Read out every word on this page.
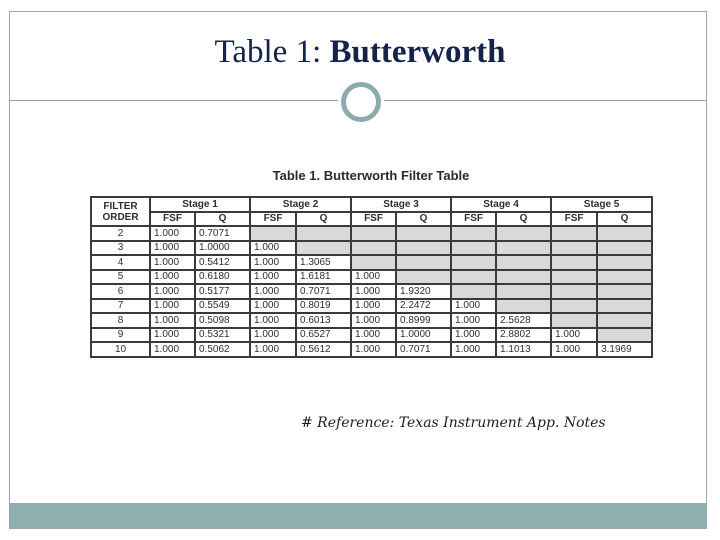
Table 1: Butterworth
Table 1. Butterworth Filter Table
FILTER
ORDER	Stage 1		Stage 2		Stage 3		Stage 4		Stage 5	
	FSF	Q	FSF	Q	FSF	Q	FSF	Q	FSF	Q
2	1.000	0.7071								
3	1.000	1.0000	1.000							
4	1.000	0.5412	1.000	1.3065						
5	1.000	0.6180	1.000	1.6181	1.000					
6	1.000	0.5177	1.000	0.7071	1.000	1.9320				
7	1.000	0.5549	1.000	0.8019	1.000	2.2472	1.000			
8	1.000	0.5098	1.000	0.6013	1.000	0.8999	1.000	2.5628		
9	1.000	0.5321	1.000	0.6527	1.000	1.0000	1.000	2.8802	1.000	
10	1.000	0.5062	1.000	0.5612	1.000	0.7071	1.000	1.1013	1.000	3.1969
# Reference: Texas Instrument App. Notes
